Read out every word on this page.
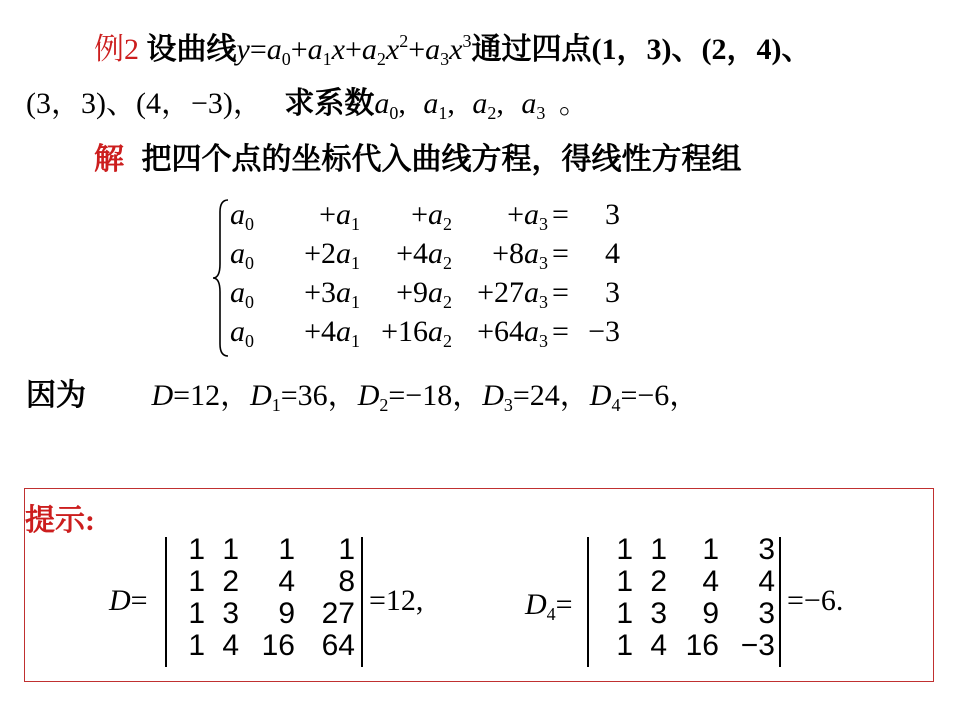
例2 设曲线$y=a_0+a_1x+a_2x^2+a_3x^3$通过四点(1，3)、(2，4)、
(3，3)、(4，−3)， 求系数$a_0$, $a_1$, $a_2$, $a_3$ 。
解 把四个点的坐标代入曲线方程，得线性方程组
$a_0 +a_1 +a_2 +a_3 = 3$
$a_0 +2a_1 +4a_2 +8a_3 = 4$
$a_0 +3a_1 +9a_2 +27a_3 = 3$
$a_0 +4a_1 +16a_2 +64a_3 = -3$
因为 D=12，$D_1=36$，$D_2=-18$，$D_3=24$，$D_4=-6$，
提示:
D=
1 1 1 1
1 2 4 8
1 3 9 27
1 4 16 64
=12,	$D_4=$
1 1 1 3
1 2 4 4
1 3 9 3
1 4 16 −3
=−6.
